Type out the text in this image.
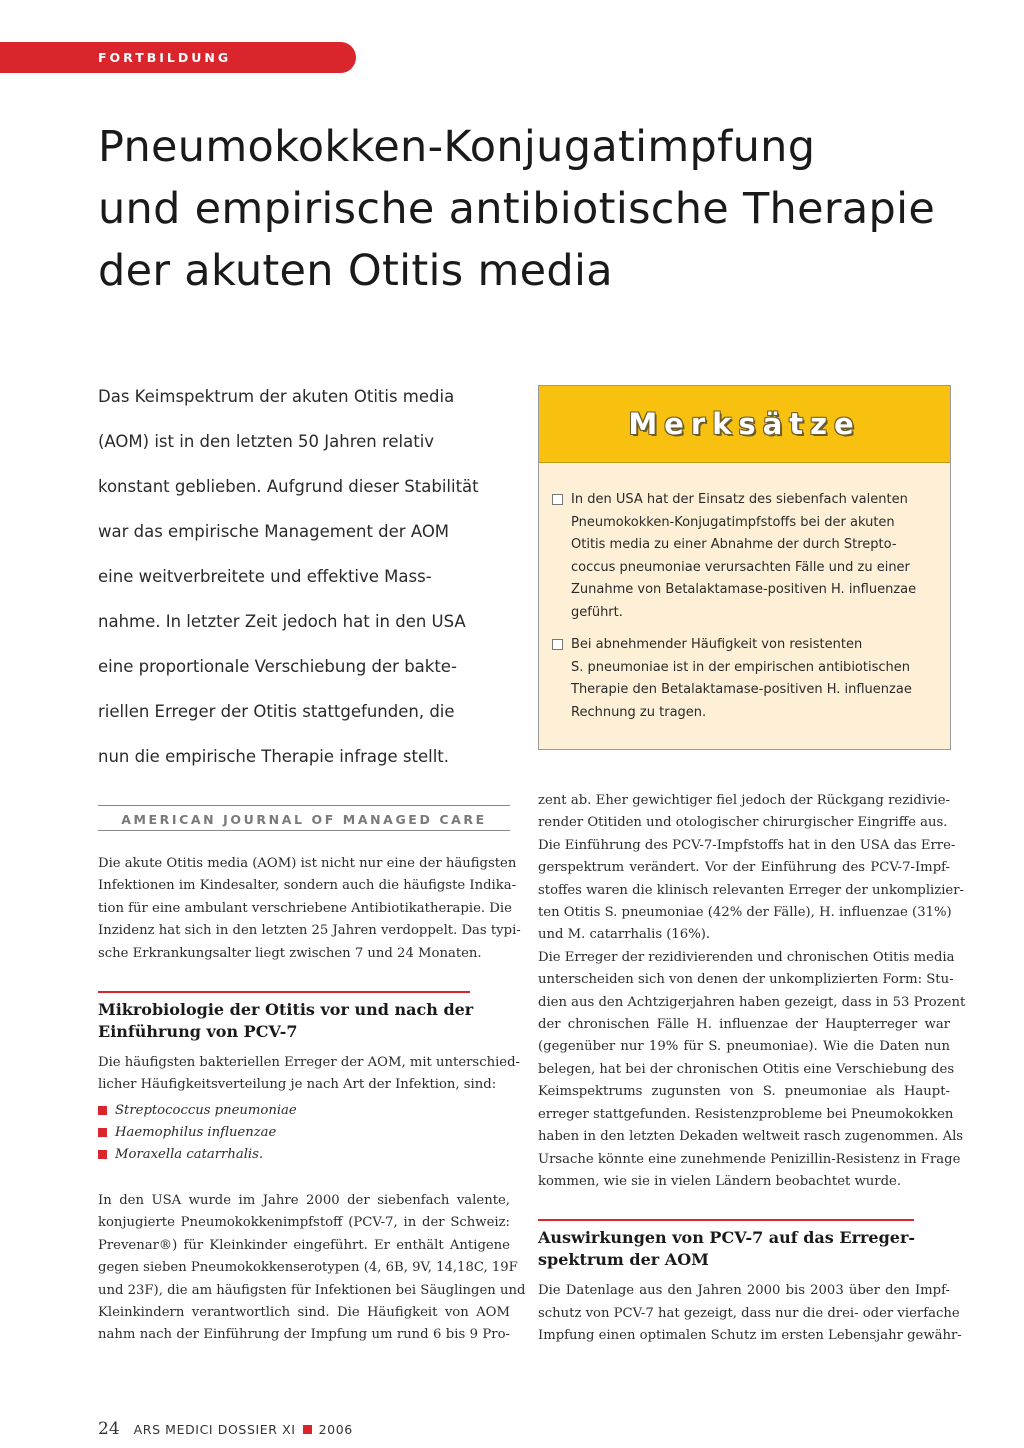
FORTBILDUNG
Pneumokokken-Konjugatimpfung
und empirische antibiotische Therapie
der akuten Otitis media
Das Keimspektrum der akuten Otitis media
(AOM) ist in den letzten 50 Jahren relativ
konstant geblieben. Aufgrund dieser Stabilität
war das empirische Management der AOM
eine weitverbreitete und effektive Mass-
nahme. In letzter Zeit jedoch hat in den USA
eine proportionale Verschiebung der bakte-
riellen Erreger der Otitis stattgefunden, die
nun die empirische Therapie infrage stellt.
Merksätze
In den USA hat der Einsatz des siebenfach valenten
Pneumokokken-Konjugatimpfstoffs bei der akuten
Otitis media zu einer Abnahme der durch Strepto-
coccus pneumoniae verursachten Fälle und zu einer
Zunahme von Betalaktamase-positiven H. influenzae
geführt.
Bei abnehmender Häufigkeit von resistenten
S. pneumoniae ist in der empirischen antibiotischen
Therapie den Betalaktamase-positiven H. influenzae
Rechnung zu tragen.
AMERICAN JOURNAL OF MANAGED CARE
Die akute Otitis media (AOM) ist nicht nur eine der häufigsten
Infektionen im Kindesalter, sondern auch die häufigste Indika-
tion für eine ambulant verschriebene Antibiotikatherapie. Die
Inzidenz hat sich in den letzten 25 Jahren verdoppelt. Das typi-
sche Erkrankungsalter liegt zwischen 7 und 24 Monaten.
Mikrobiologie der Otitis vor und nach der
Einführung von PCV-7
Die häufigsten bakteriellen Erreger der AOM, mit unterschied-
licher Häufigkeitsverteilung je nach Art der Infektion, sind:
Streptococcus pneumoniae
Haemophilus influenzae
Moraxella catarrhalis.
In den USA wurde im Jahre 2000 der siebenfach valente,
konjugierte Pneumokokkenimpfstoff (PCV-7, in der Schweiz:
Prevenar®) für Kleinkinder eingeführt. Er enthält Antigene
gegen sieben Pneumokokkenserotypen (4, 6B, 9V, 14,18C, 19F
und 23F), die am häufigsten für Infektionen bei Säuglingen und
Kleinkindern verantwortlich sind. Die Häufigkeit von AOM
nahm nach der Einführung der Impfung um rund 6 bis 9 Pro-
zent ab. Eher gewichtiger fiel jedoch der Rückgang rezidivie-
render Otitiden und otologischer chirurgischer Eingriffe aus.
Die Einführung des PCV-7-Impfstoffs hat in den USA das Erre-
gerspektrum verändert. Vor der Einführung des PCV-7-Impf-
stoffes waren die klinisch relevanten Erreger der unkomplizier-
ten Otitis S. pneumoniae (42% der Fälle), H. influenzae (31%)
und M. catarrhalis (16%).
Die Erreger der rezidivierenden und chronischen Otitis media
unterscheiden sich von denen der unkomplizierten Form: Stu-
dien aus den Achtzigerjahren haben gezeigt, dass in 53 Prozent
der chronischen Fälle H. influenzae der Haupterreger war
(gegenüber nur 19% für S. pneumoniae). Wie die Daten nun
belegen, hat bei der chronischen Otitis eine Verschiebung des
Keimspektrums zugunsten von S. pneumoniae als Haupt-
erreger stattgefunden. Resistenzprobleme bei Pneumokokken
haben in den letzten Dekaden weltweit rasch zugenommen. Als
Ursache könnte eine zunehmende Penizillin-Resistenz in Frage
kommen, wie sie in vielen Ländern beobachtet wurde.
Auswirkungen von PCV-7 auf das Erreger-
spektrum der AOM
Die Datenlage aus den Jahren 2000 bis 2003 über den Impf-
schutz von PCV-7 hat gezeigt, dass nur die drei- oder vierfache
Impfung einen optimalen Schutz im ersten Lebensjahr gewähr-
24 ARS MEDICI DOSSIER XI 2006
